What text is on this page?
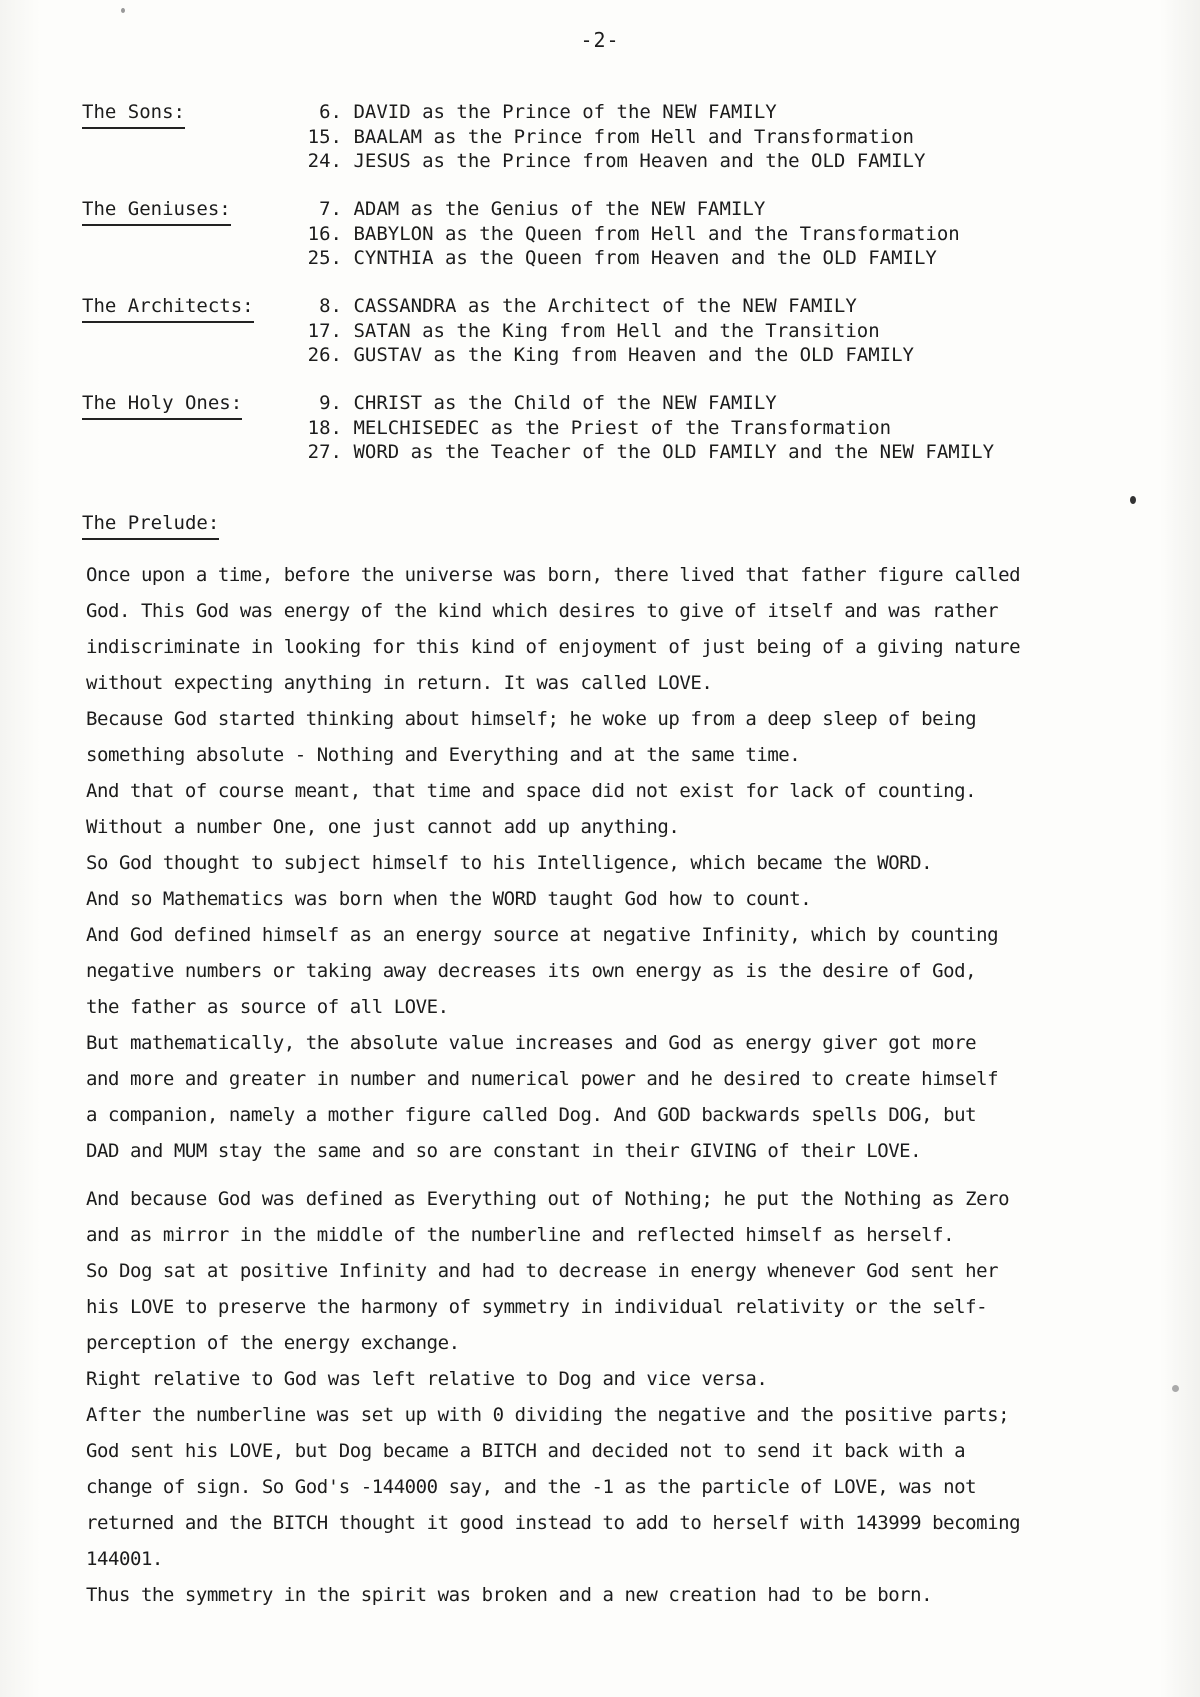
-2-
The Sons:	6. DAVID as the Prince of the NEW FAMILY
15. BAALAM as the Prince from Hell and Transformation
24. JESUS as the Prince from Heaven and the OLD FAMILY
The Geniuses:	7. ADAM as the Genius of the NEW FAMILY
16. BABYLON as the Queen from Hell and the Transformation
25. CYNTHIA as the Queen from Heaven and the OLD FAMILY
The Architects:	8. CASSANDRA as the Architect of the NEW FAMILY
17. SATAN as the King from Hell and the Transition
26. GUSTAV as the King from Heaven and the OLD FAMILY
The Holy Ones:	9. CHRIST as the Child of the NEW FAMILY
18. MELCHISEDEC as the Priest of the Transformation
27. WORD as the Teacher of the OLD FAMILY and the NEW FAMILY
The Prelude:
Once upon a time, before the universe was born, there lived that father figure called
God. This God was energy of the kind which desires to give of itself and was rather
indiscriminate in looking for this kind of enjoyment of just being of a giving nature
without expecting anything in return. It was called LOVE.
Because God started thinking about himself; he woke up from a deep sleep of being
something absolute - Nothing and Everything and at the same time.
And that of course meant, that time and space did not exist for lack of counting.
Without a number One, one just cannot add up anything.
So God thought to subject himself to his Intelligence, which became the WORD.
And so Mathematics was born when the WORD taught God how to count.
And God defined himself as an energy source at negative Infinity, which by counting
negative numbers or taking away decreases its own energy as is the desire of God,
the father as source of all LOVE.
But mathematically, the absolute value increases and God as energy giver got more
and more and greater in number and numerical power and he desired to create himself
a companion, namely a mother figure called Dog. And GOD backwards spells DOG, but
DAD and MUM stay the same and so are constant in their GIVING of their LOVE.
And because God was defined as Everything out of Nothing; he put the Nothing as Zero
and as mirror in the middle of the numberline and reflected himself as herself.
So Dog sat at positive Infinity and had to decrease in energy whenever God sent her
his LOVE to preserve the harmony of symmetry in individual relativity or the self-
perception of the energy exchange.
Right relative to God was left relative to Dog and vice versa.
After the numberline was set up with 0 dividing the negative and the positive parts;
God sent his LOVE, but Dog became a BITCH and decided not to send it back with a
change of sign. So God's -144000 say, and the -1 as the particle of LOVE, was not
returned and the BITCH thought it good instead to add to herself with 143999 becoming
144001.
Thus the symmetry in the spirit was broken and a new creation had to be born.
